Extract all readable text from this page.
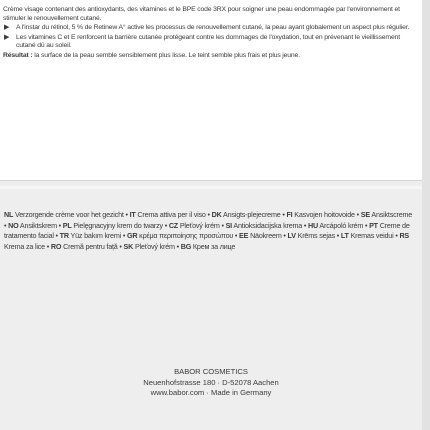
Crème visage contenant des antioxydants, des vitamines et le BPE code 3RX pour soigner une peau endommagée par l'environnement et stimuler le renouvellement cutané.

▶ A l'instar du rétinol, 5 % de Retinew A° active les processus de renouvellement cutané, la peau ayant globalement un aspect plus régulier.
▶ Les vitamines C et E renforcent la barrière cutanée protégeant contre les dommages de l'oxydation, tout en prévenant le vieillissement cutané dû au soleil.

Résultat : la surface de la peau semble sensiblement plus lisse. Le teint semble plus frais et plus jeune.

NL Verzorgende crème voor het gezicht • IT Crema attiva per il viso • DK Ansigts-plejecreme • FI Kasvojen hoitovoide • SE Ansiktscreme • NO Ansiktskrem • PL Pielęgnacyjny krem do twarzy • CZ Pleťový krém • SI Antioksidacijska krema • HU Arcápoló krém • PT Creme de tratamento facial • TR Yüz bakım kremi • GR κρέμα περιποίησης προσώπου • EE Näokreem • LV Krēms sejas • LT Kremas veidui • RS Krema za lice • RO Cremă pentru față • SK Pleťový krém • BG Крем за лице
BABOR COSMETICS
Neuenhofstrasse 180 · D-52078 Aachen
www.babor.com · Made in Germany
